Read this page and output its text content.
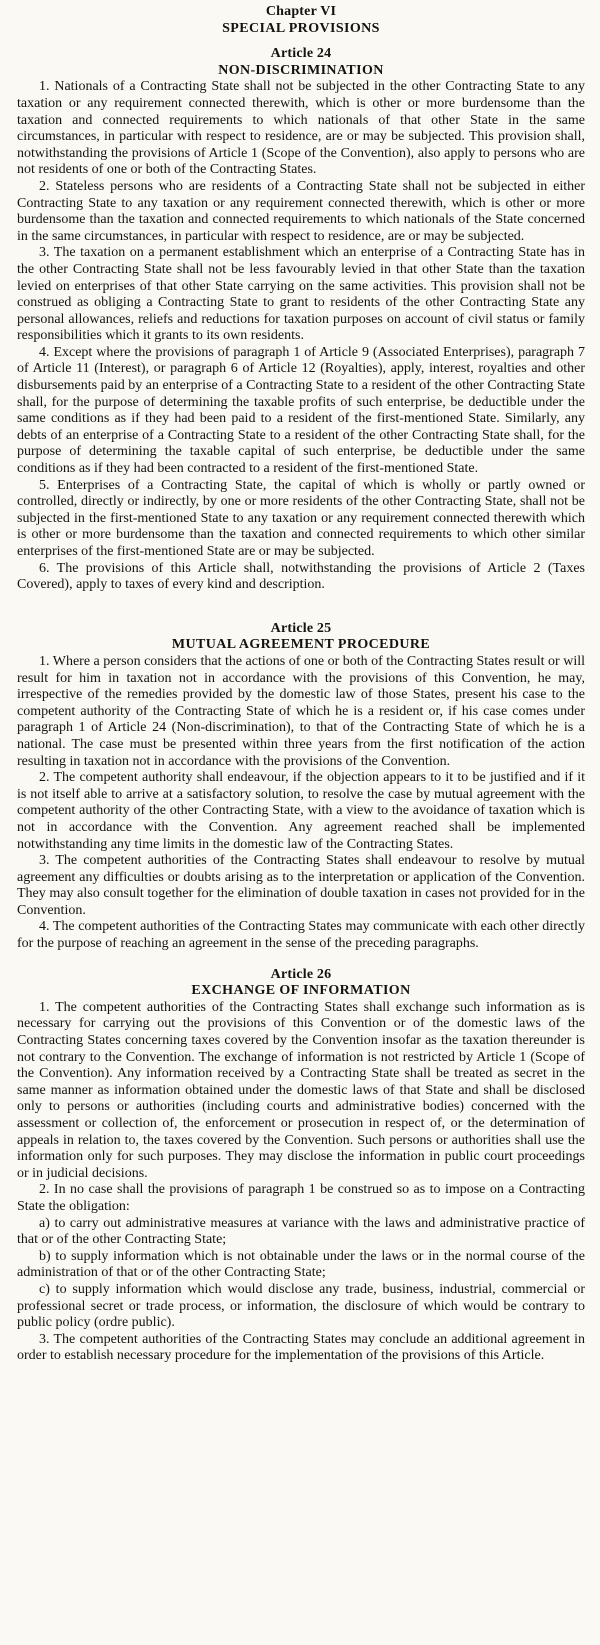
Chapter VI
SPECIAL PROVISIONS
Article 24
NON-DISCRIMINATION

1. Nationals of a Contracting State shall not be subjected in the other Contracting State to any taxation or any requirement connected therewith, which is other or more burdensome than the taxation and connected requirements to which nationals of that other State in the same circumstances, in particular with respect to residence, are or may be subjected. This provision shall, notwithstanding the provisions of Article 1 (Scope of the Convention), also apply to persons who are not residents of one or both of the Contracting States.

2. Stateless persons who are residents of a Contracting State shall not be subjected in either Contracting State to any taxation or any requirement connected therewith, which is other or more burdensome than the taxation and connected requirements to which nationals of the State concerned in the same circumstances, in particular with respect to residence, are or may be subjected.

3. The taxation on a permanent establishment which an enterprise of a Contracting State has in the other Contracting State shall not be less favourably levied in that other State than the taxation levied on enterprises of that other State carrying on the same activities. This provision shall not be construed as obliging a Contracting State to grant to residents of the other Contracting State any personal allowances, reliefs and reductions for taxation purposes on account of civil status or family responsibilities which it grants to its own residents.

4. Except where the provisions of paragraph 1 of Article 9 (Associated Enterprises), paragraph 7 of Article 11 (Interest), or paragraph 6 of Article 12 (Royalties), apply, interest, royalties and other disbursements paid by an enterprise of a Contracting State to a resident of the other Contracting State shall, for the purpose of determining the taxable profits of such enterprise, be deductible under the same conditions as if they had been paid to a resident of the first-mentioned State. Similarly, any debts of an enterprise of a Contracting State to a resident of the other Contracting State shall, for the purpose of determining the taxable capital of such enterprise, be deductible under the same conditions as if they had been contracted to a resident of the first-mentioned State.

5. Enterprises of a Contracting State, the capital of which is wholly or partly owned or controlled, directly or indirectly, by one or more residents of the other Contracting State, shall not be subjected in the first-mentioned State to any taxation or any requirement connected therewith which is other or more burdensome than the taxation and connected requirements to which other similar enterprises of the first-mentioned State are or may be subjected.

6. The provisions of this Article shall, notwithstanding the provisions of Article 2 (Taxes Covered), apply to taxes of every kind and description.

Article 25
MUTUAL AGREEMENT PROCEDURE

1. Where a person considers that the actions of one or both of the Contracting States result or will result for him in taxation not in accordance with the provisions of this Convention, he may, irrespective of the remedies provided by the domestic law of those States, present his case to the competent authority of the Contracting State of which he is a resident or, if his case comes under paragraph 1 of Article 24 (Non-discrimination), to that of the Contracting State of which he is a national. The case must be presented within three years from the first notification of the action resulting in taxation not in accordance with the provisions of the Convention.

2. The competent authority shall endeavour, if the objection appears to it to be justified and if it is not itself able to arrive at a satisfactory solution, to resolve the case by mutual agreement with the competent authority of the other Contracting State, with a view to the avoidance of taxation which is not in accordance with the Convention. Any agreement reached shall be implemented notwithstanding any time limits in the domestic law of the Contracting States.

3. The competent authorities of the Contracting States shall endeavour to resolve by mutual agreement any difficulties or doubts arising as to the interpretation or application of the Convention. They may also consult together for the elimination of double taxation in cases not provided for in the Convention.

4. The competent authorities of the Contracting States may communicate with each other directly for the purpose of reaching an agreement in the sense of the preceding paragraphs.

Article 26
EXCHANGE OF INFORMATION

1. The competent authorities of the Contracting States shall exchange such information as is necessary for carrying out the provisions of this Convention or of the domestic laws of the Contracting States concerning taxes covered by the Convention insofar as the taxation thereunder is not contrary to the Convention. The exchange of information is not restricted by Article 1 (Scope of the Convention). Any information received by a Contracting State shall be treated as secret in the same manner as information obtained under the domestic laws of that State and shall be disclosed only to persons or authorities (including courts and administrative bodies) concerned with the assessment or collection of, the enforcement or prosecution in respect of, or the determination of appeals in relation to, the taxes covered by the Convention. Such persons or authorities shall use the information only for such purposes. They may disclose the information in public court proceedings or in judicial decisions.

2. In no case shall the provisions of paragraph 1 be construed so as to impose on a Contracting State the obligation:

a) to carry out administrative measures at variance with the laws and administrative practice of that or of the other Contracting State;

b) to supply information which is not obtainable under the laws or in the normal course of the administration of that or of the other Contracting State;

c) to supply information which would disclose any trade, business, industrial, commercial or professional secret or trade process, or information, the disclosure of which would be contrary to public policy (ordre public).

3. The competent authorities of the Contracting States may conclude an additional agreement in order to establish necessary procedure for the implementation of the provisions of this Article.
